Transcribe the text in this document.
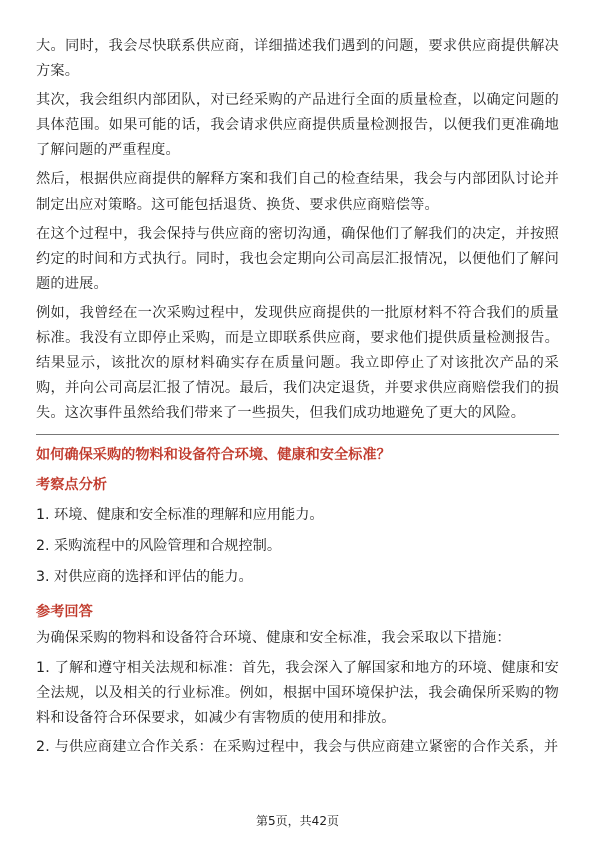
大。同时，我会尽快联系供应商，详细描述我们遇到的问题，要求供应商提供解决方案。

其次，我会组织内部团队，对已经采购的产品进行全面的质量检查，以确定问题的具体范围。如果可能的话，我会请求供应商提供质量检测报告，以便我们更准确地了解问题的严重程度。

然后，根据供应商提供的解释方案和我们自己的检查结果，我会与内部团队讨论并制定出应对策略。这可能包括退货、换货、要求供应商赔偿等。

在这个过程中，我会保持与供应商的密切沟通，确保他们了解我们的决定，并按照约定的时间和方式执行。同时，我也会定期向公司高层汇报情况，以便他们了解问题的进展。

例如，我曾经在一次采购过程中，发现供应商提供的一批原材料不符合我们的质量标准。我没有立即停止采购，而是立即联系供应商，要求他们提供质量检测报告。结果显示，该批次的原材料确实存在质量问题。我立即停止了对该批次产品的采购，并向公司高层汇报了情况。最后，我们决定退货，并要求供应商赔偿我们的损失。这次事件虽然给我们带来了一些损失，但我们成功地避免了更大的风险。

如何确保采购的物料和设备符合环境、健康和安全标准？
考察点分析
1. 环境、健康和安全标准的理解和应用能力。
2. 采购流程中的风险管理和合规控制。
3. 对供应商的选择和评估的能力。
参考回答

为确保采购的物料和设备符合环境、健康和安全标准，我会采取以下措施：

1. 了解和遵守相关法规和标准：首先，我会深入了解国家和地方的环境、健康和安全法规，以及相关的行业标准。例如，根据中国环境保护法，我会确保所采购的物料和设备符合环保要求，如减少有害物质的使用和排放。

2. 与供应商建立合作关系：在采购过程中，我会与供应商建立紧密的合作关系，并

第5页，共42页
